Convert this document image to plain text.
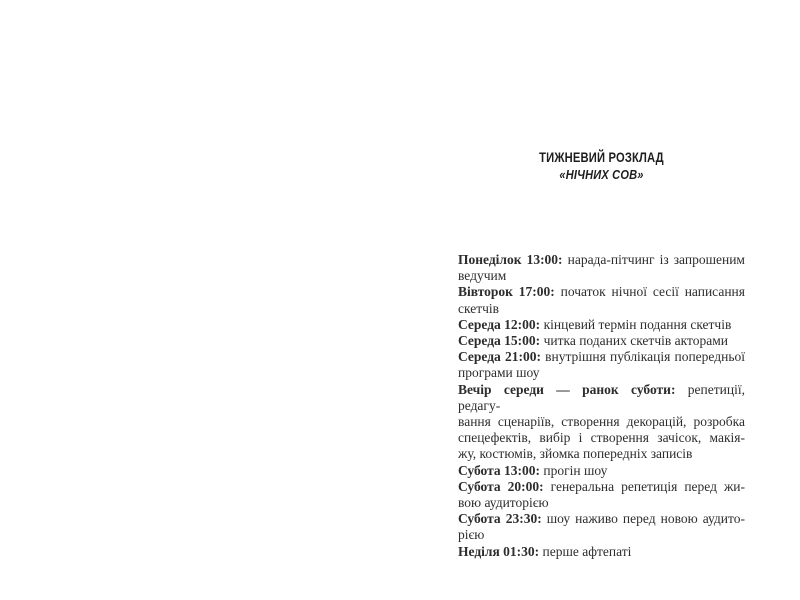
ТИЖНЕВИЙ РОЗКЛАД
«НІЧНИХ СОВ»
Понеділок 13:00: нарада-пітчинг із запрошеним
ведучим
Вівторок 17:00: початок нічної сесії написання
скетчів
Середа 12:00: кінцевий термін подання скетчів
Середа 15:00: читка поданих скетчів акторами
Середа 21:00: внутрішня публікація попередньої
програми шоу
Вечір середи — ранок суботи: репетиції, редагу-
вання сценаріїв, створення декорацій, розробка
спецефектів, вибір і створення зачісок, макія-
жу, костюмів, зйомка попередніх записів
Субота 13:00: прогін шоу
Субота 20:00: генеральна репетиція перед жи-
вою аудиторією
Субота 23:30: шоу наживо перед новою аудито-
рією
Неділя 01:30: перше афтепаті
